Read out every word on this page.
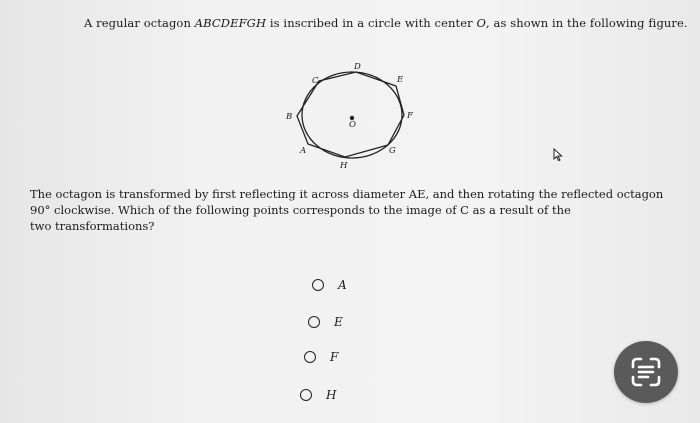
A regular octagon ABCDEFGH is inscribed in a circle with center O, as shown in the following figure.
A
B
C
D
E
F
G
H
O
The octagon is transformed by first reflecting it across diameter AE, and then rotating the reflected octagon
90° clockwise. Which of the following points corresponds to the image of C as a result of the
two transformations?
A
E
F
H
